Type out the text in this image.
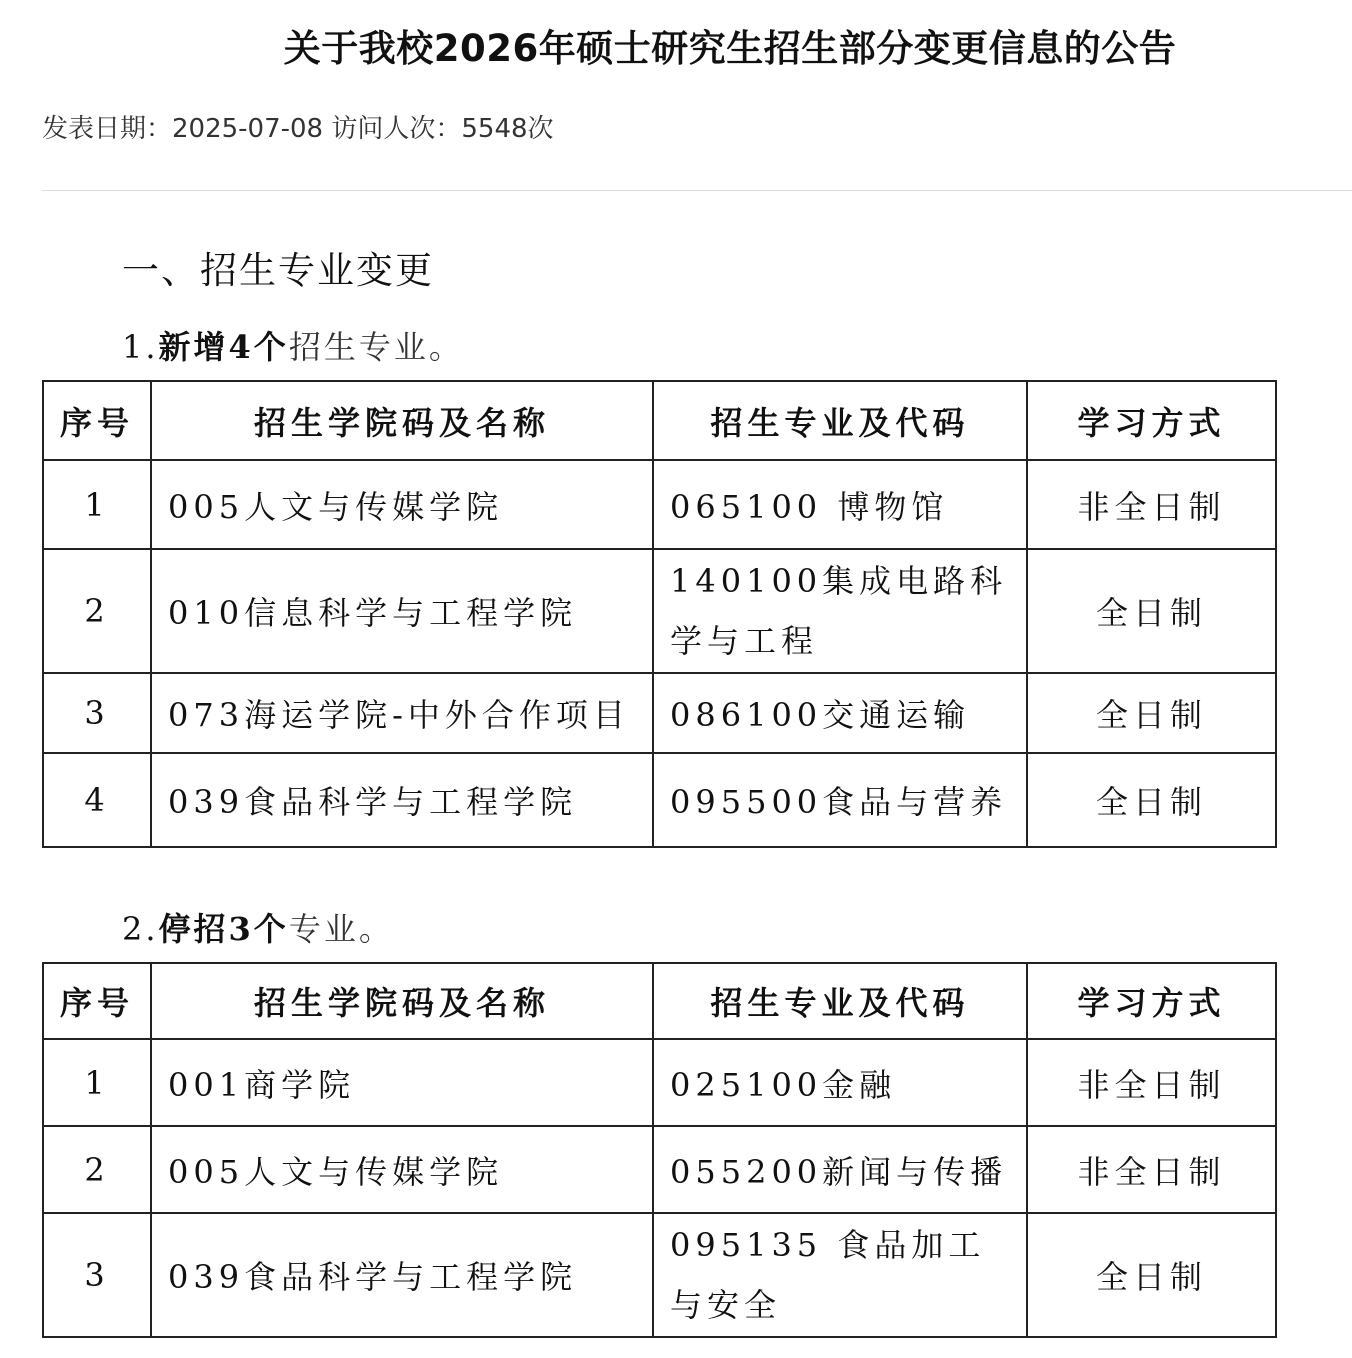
关于我校2026年硕士研究生招生部分变更信息的公告
发表日期：2025-07-08 访问人次：5548次
一、招生专业变更
1.新增4个招生专业。
序号	招生学院码及名称	招生专业及代码	学习方式
1	005人文与传媒学院	065100 博物馆	非全日制
2	010信息科学与工程学院	140100集成电路科学与工程	全日制
3	073海运学院-中外合作项目	086100交通运输	全日制
4	039食品科学与工程学院	095500食品与营养	全日制
2.停招3个专业。
序号	招生学院码及名称	招生专业及代码	学习方式
1	001商学院	025100金融	非全日制
2	005人文与传媒学院	055200新闻与传播	非全日制
3	039食品科学与工程学院	095135 食品加工与安全	全日制
